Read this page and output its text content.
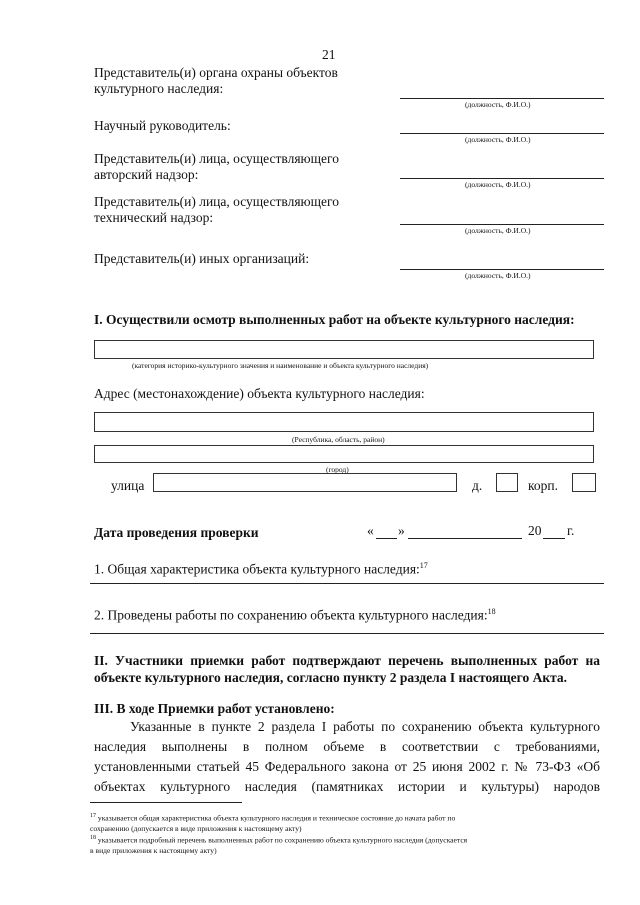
21
Представитель(и) органа охраны объектов
культурного наследия:
(должность, Ф.И.О.)
Научный руководитель:
(должность, Ф.И.О.)
Представитель(и) лица, осуществляющего
авторский надзор:
(должность, Ф.И.О.)
Представитель(и) лица, осуществляющего
технический надзор:
(должность, Ф.И.О.)
Представитель(и) иных организаций:
(должность, Ф.И.О.)
I. Осуществили осмотр выполненных работ на объекте культурного наследия:
(категория историко-культурного значения и наименование и объекта культурного наследия)
Адрес (местонахождение) объекта культурного наследия:
(Республика, область, район)
(город)
улица	д.	корп.
Дата проведения проверки	« »	20 г.
1. Общая характеристика объекта культурного наследия:$^{17}$
2. Проведены работы по сохранению объекта культурного наследия:$^{18}$
II. Участники приемки работ подтверждают перечень выполненных работ на
объекте культурного наследия, согласно пункту 2 раздела I настоящего Акта.
III. В ходе Приемки работ установлено:
Указанные в пункте 2 раздела I работы по сохранению объекта культурного
наследия выполнены в полном объеме в соответствии с требованиями,
установленными статьей 45 Федерального закона от 25 июня 2002 г. № 73-ФЗ «Об
объектах культурного наследия (памятниках истории и культуры) народов
$^{17}$ указывается общая характеристика объекта культурного наследия и техническое состояние до начата работ по
сохранению (допускается в виде приложения к настоящему акту)
$^{18}$ указывается подробный перечень выполненных работ по сохранению объекта культурного наследия (допускается
в виде приложения к настоящему акту)
